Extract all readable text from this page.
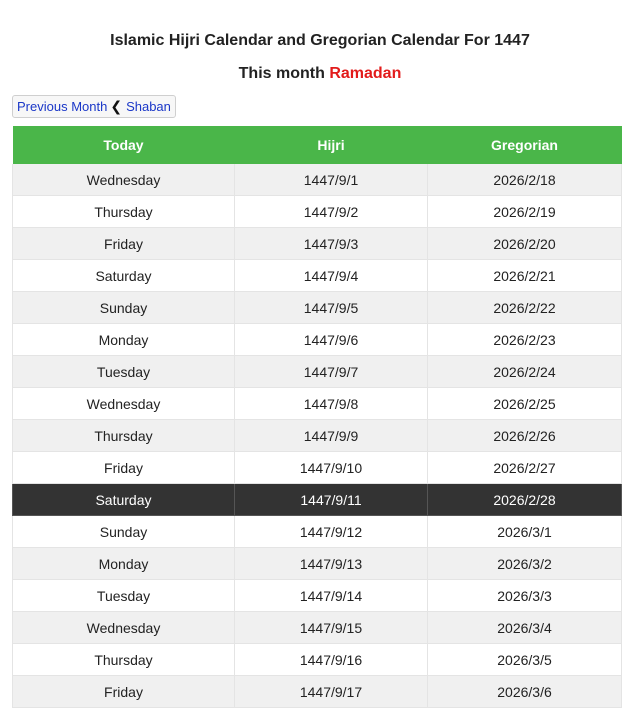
Islamic Hijri Calendar and Gregorian Calendar For 1447
This month Ramadan
Previous Month ❮ Shaban
Today	Hijri	Gregorian
Wednesday	1447/9/1	2026/2/18
Thursday	1447/9/2	2026/2/19
Friday	1447/9/3	2026/2/20
Saturday	1447/9/4	2026/2/21
Sunday	1447/9/5	2026/2/22
Monday	1447/9/6	2026/2/23
Tuesday	1447/9/7	2026/2/24
Wednesday	1447/9/8	2026/2/25
Thursday	1447/9/9	2026/2/26
Friday	1447/9/10	2026/2/27
Saturday	1447/9/11	2026/2/28
Sunday	1447/9/12	2026/3/1
Monday	1447/9/13	2026/3/2
Tuesday	1447/9/14	2026/3/3
Wednesday	1447/9/15	2026/3/4
Thursday	1447/9/16	2026/3/5
Friday	1447/9/17	2026/3/6
